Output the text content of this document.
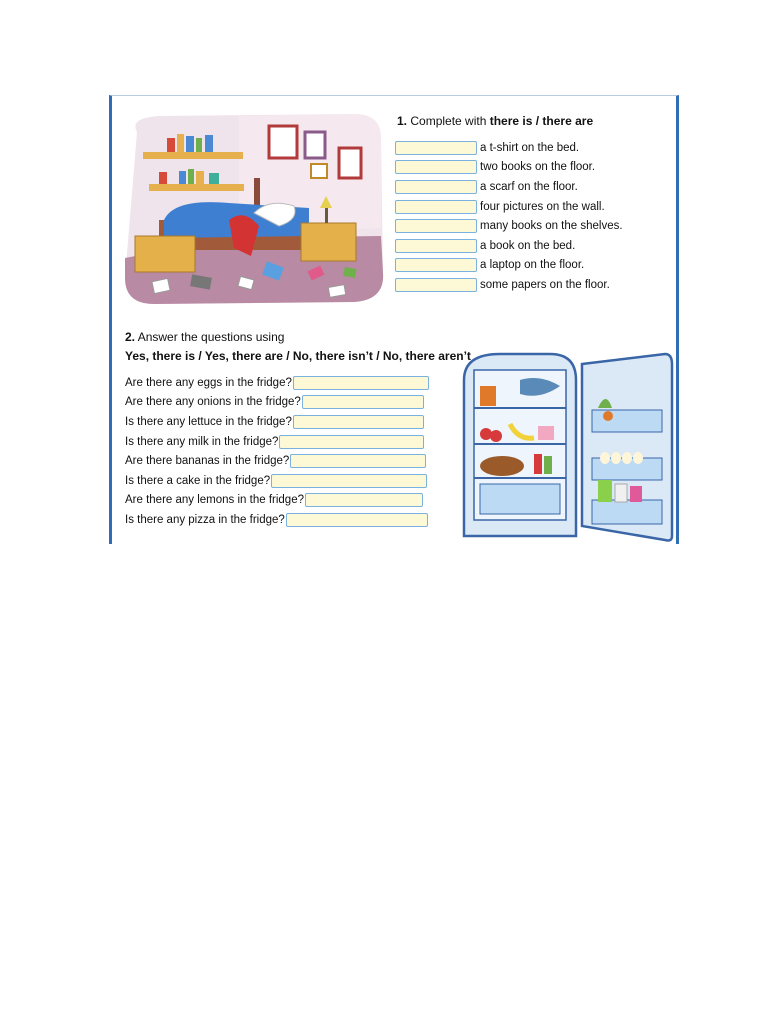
1. Complete with there is / there are
a t-shirt on the bed.
two books on the floor.
a scarf on the floor.
four pictures on the wall.
many books on the shelves.
a book on the bed.
a laptop on the floor.
some papers on the floor.
2. Answer the questions using
Yes, there is / Yes, there are / No, there isn’t / No, there aren’t
Are there any eggs in the fridge?
Are there any onions in the fridge?
Is there any lettuce in the fridge?
Is there any milk in the fridge?
Are there bananas in the fridge?
Is there a cake in the fridge?
Are there any lemons in the fridge?
Is there any pizza in the fridge?
